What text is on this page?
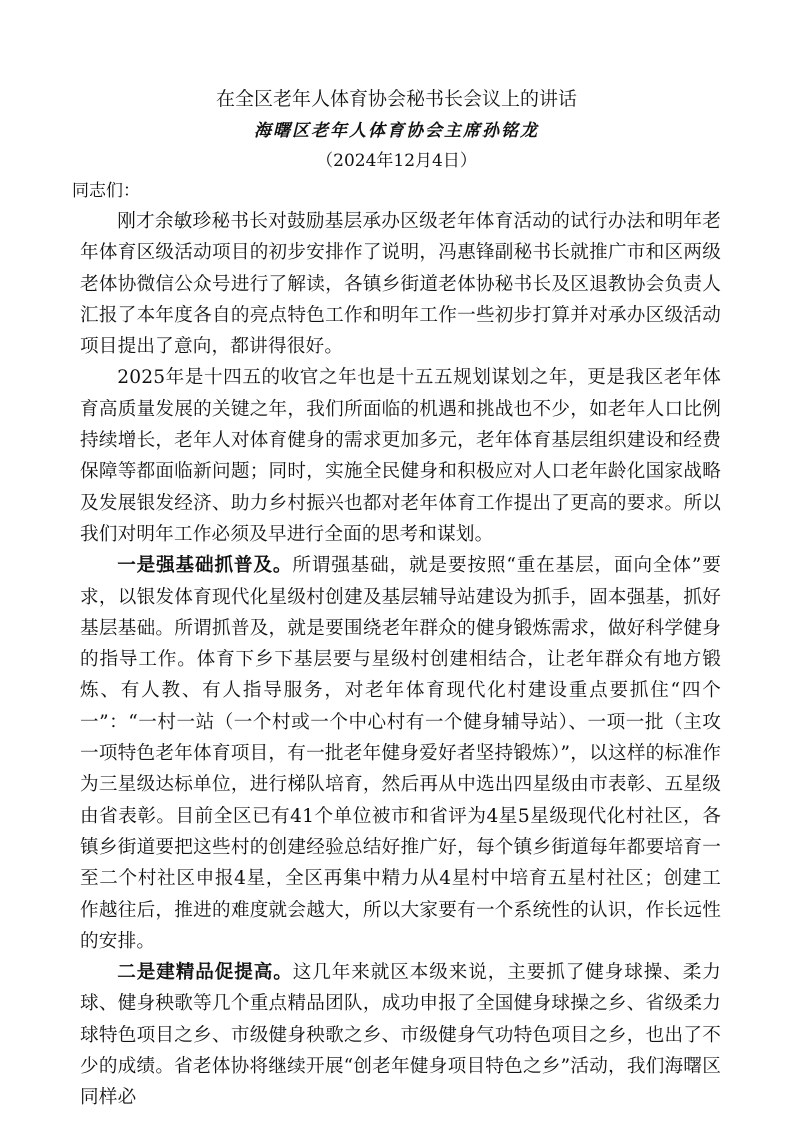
在全区老年人体育协会秘书长会议上的讲话
海曙区老年人体育协会主席孙铭龙
（2024年12月4日）
同志们：

刚才余敏珍秘书长对鼓励基层承办区级老年体育活动的试行办法和明年老年体育区级活动项目的初步安排作了说明，冯惠锋副秘书长就推广市和区两级老体协微信公众号进行了解读，各镇乡街道老体协秘书长及区退教协会负责人汇报了本年度各自的亮点特色工作和明年工作一些初步打算并对承办区级活动项目提出了意向，都讲得很好。

2025年是十四五的收官之年也是十五五规划谋划之年，更是我区老年体育高质量发展的关键之年，我们所面临的机遇和挑战也不少，如老年人口比例持续增长，老年人对体育健身的需求更加多元，老年体育基层组织建设和经费保障等都面临新问题；同时，实施全民健身和积极应对人口老年龄化国家战略及发展银发经济、助力乡村振兴也都对老年体育工作提出了更高的要求。所以我们对明年工作必须及早进行全面的思考和谋划。

一是强基础抓普及。所谓强基础，就是要按照“重在基层，面向全体”要求，以银发体育现代化星级村创建及基层辅导站建设为抓手，固本强基，抓好基层基础。所谓抓普及，就是要围绕老年群众的健身锻炼需求，做好科学健身的指导工作。体育下乡下基层要与星级村创建相结合，让老年群众有地方锻炼、有人教、有人指导服务，对老年体育现代化村建设重点要抓住“四个一”：“一村一站（一个村或一个中心村有一个健身辅导站）、一项一批（主攻一项特色老年体育项目，有一批老年健身爱好者坚持锻炼）”，以这样的标准作为三星级达标单位，进行梯队培育，然后再从中选出四星级由市表彰、五星级由省表彰。目前全区已有41个单位被市和省评为4星5星级现代化村社区，各镇乡街道要把这些村的创建经验总结好推广好，每个镇乡街道每年都要培育一至二个村社区申报4星，全区再集中精力从4星村中培育五星村社区；创建工作越往后，推进的难度就会越大，所以大家要有一个系统性的认识，作长远性的安排。

二是建精品促提高。这几年来就区本级来说，主要抓了健身球操、柔力球、健身秧歌等几个重点精品团队，成功申报了全国健身球操之乡、省级柔力球特色项目之乡、市级健身秧歌之乡、市级健身气功特色项目之乡，也出了不少的成绩。省老体协将继续开展“创老年健身项目特色之乡”活动，我们海曙区同样必
